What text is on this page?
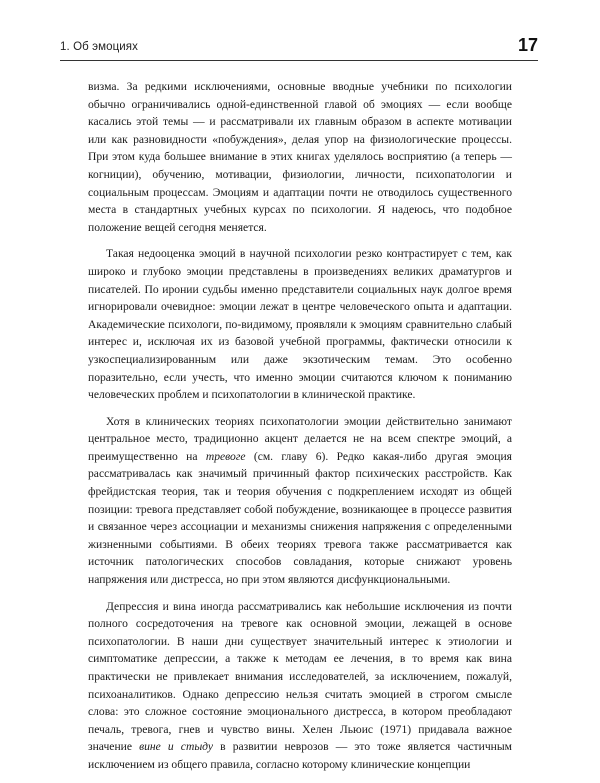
1. Об эмоциях	17

визма. За редкими исключениями, основные вводные учебники по психологии обычно ограничивались одной-единственной главой об эмоциях — если вообще касались этой темы — и рассматривали их главным образом в аспекте мотивации или как разновидности «побуждения», делая упор на физиологические процессы. При этом куда большее внимание в этих книгах уделялось восприятию (а теперь — когниции), обучению, мотивации, физиологии, личности, психопатологии и социальным процессам. Эмоциям и адаптации почти не отводилось существенного места в стандартных учебных курсах по психологии. Я надеюсь, что подобное положение вещей сегодня меняется.

Такая недооценка эмоций в научной психологии резко контрастирует с тем, как широко и глубоко эмоции представлены в произведениях великих драматургов и писателей. По иронии судьбы именно представители социальных наук долгое время игнорировали очевидное: эмоции лежат в центре человеческого опыта и адаптации. Академические психологи, по-видимому, проявляли к эмоциям сравнительно слабый интерес и, исключая их из базовой учебной программы, фактически относили к узкоспециализированным или даже экзотическим темам. Это особенно поразительно, если учесть, что именно эмоции считаются ключом к пониманию человеческих проблем и психопатологии в клинической практике.

Хотя в клинических теориях психопатологии эмоции действительно занимают центральное место, традиционно акцент делается не на всем спектре эмоций, а преимущественно на тревоге (см. главу 6). Редко какая-либо другая эмоция рассматривалась как значимый причинный фактор психических расстройств. Как фрейдистская теория, так и теория обучения с подкреплением исходят из общей позиции: тревога представляет собой побуждение, возникающее в процессе развития и связанное через ассоциации и механизмы снижения напряжения с определенными жизненными событиями. В обеих теориях тревога также рассматривается как источник патологических способов совладания, которые снижают уровень напряжения или дистресса, но при этом являются дисфункциональными.

Депрессия и вина иногда рассматривались как небольшие исключения из почти полного сосредоточения на тревоге как основной эмоции, лежащей в основе психопатологии. В наши дни существует значительный интерес к этиологии и симптоматике депрессии, а также к методам ее лечения, в то время как вина практически не привлекает внимания исследователей, за исключением, пожалуй, психоаналитиков. Однако депрессию нельзя считать эмоцией в строгом смысле слова: это сложное состояние эмоционального дистресса, в котором преобладают печаль, тревога, гнев и чувство вины. Хелен Льюис (1971) придавала важное значение вине и стыду в развитии неврозов — это тоже является частичным исключением из общего правила, согласно которому клинические концепции
